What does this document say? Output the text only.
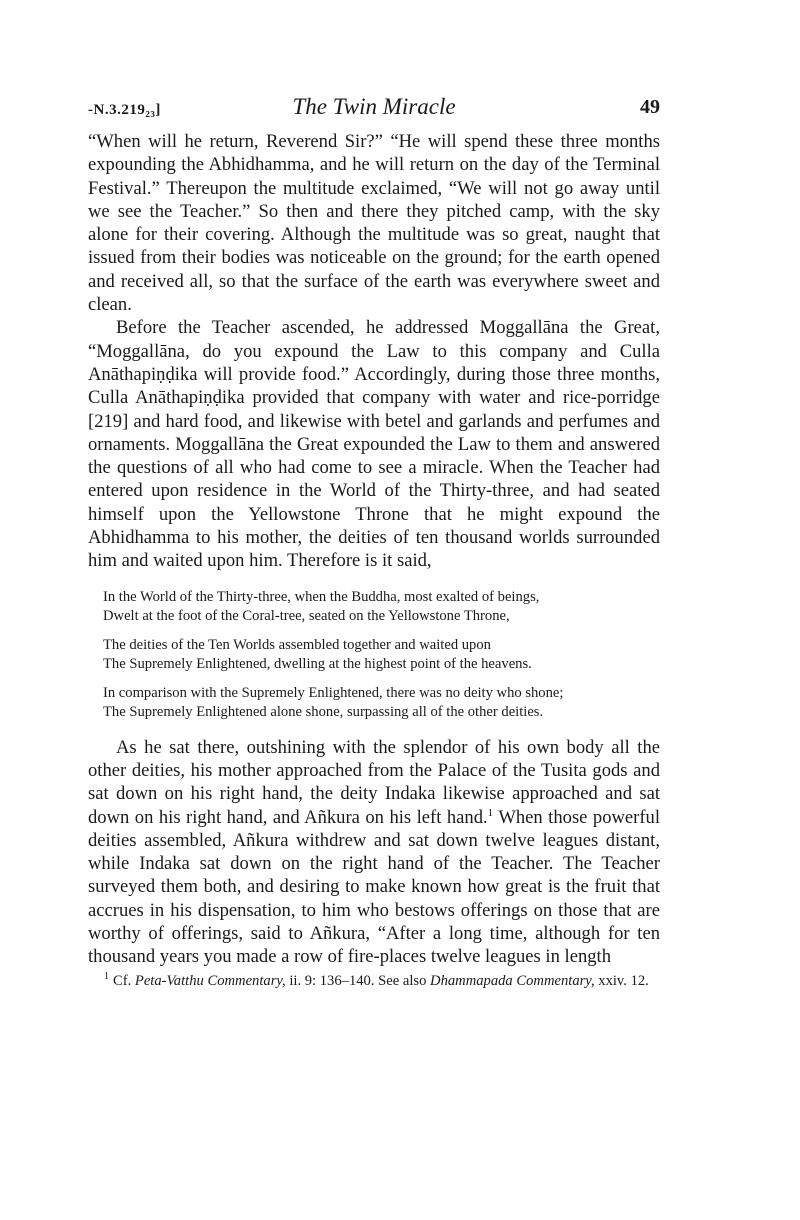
-N.3.219₂₃]	The Twin Miracle	49

“When will he return, Reverend Sir?” “He will spend these three months expounding the Abhidhamma, and he will return on the day of the Terminal Festival.” Thereupon the multitude exclaimed, “We will not go away until we see the Teacher.” So then and there they pitched camp, with the sky alone for their covering. Although the multitude was so great, naught that issued from their bodies was noticeable on the ground; for the earth opened and received all, so that the surface of the earth was everywhere sweet and clean.

Before the Teacher ascended, he addressed Moggallāna the Great, “Moggallāna, do you expound the Law to this company and Culla Anāthapiṇḍika will provide food.” Accordingly, during those three months, Culla Anāthapiṇḍika provided that company with water and rice-porridge [219] and hard food, and likewise with betel and garlands and perfumes and ornaments. Moggallāna the Great expounded the Law to them and answered the questions of all who had come to see a miracle. When the Teacher had entered upon residence in the World of the Thirty-three, and had seated himself upon the Yellowstone Throne that he might expound the Abhidhamma to his mother, the deities of ten thousand worlds surrounded him and waited upon him. Therefore is it said,

In the World of the Thirty-three, when the Buddha, most exalted of beings,
Dwelt at the foot of the Coral-tree, seated on the Yellowstone Throne,
The deities of the Ten Worlds assembled together and waited upon
The Supremely Enlightened, dwelling at the highest point of the heavens.
In comparison with the Supremely Enlightened, there was no deity who shone;
The Supremely Enlightened alone shone, surpassing all of the other deities.

As he sat there, outshining with the splendor of his own body all the other deities, his mother approached from the Palace of the Tusita gods and sat down on his right hand, the deity Indaka likewise approached and sat down on his right hand, and Añkura on his left hand.$^1$ When those powerful deities assembled, Añkura withdrew and sat down twelve leagues distant, while Indaka sat down on the right hand of the Teacher. The Teacher surveyed them both, and desiring to make known how great is the fruit that accrues in his dispensation, to him who bestows offerings on those that are worthy of offerings, said to Añkura, “After a long time, although for ten thousand years you made a row of fire-places twelve leagues in length

$^1$ Cf. Peta-Vatthu Commentary, ii. 9: 136–140. See also Dhammapada Commentary, xxiv. 12.
